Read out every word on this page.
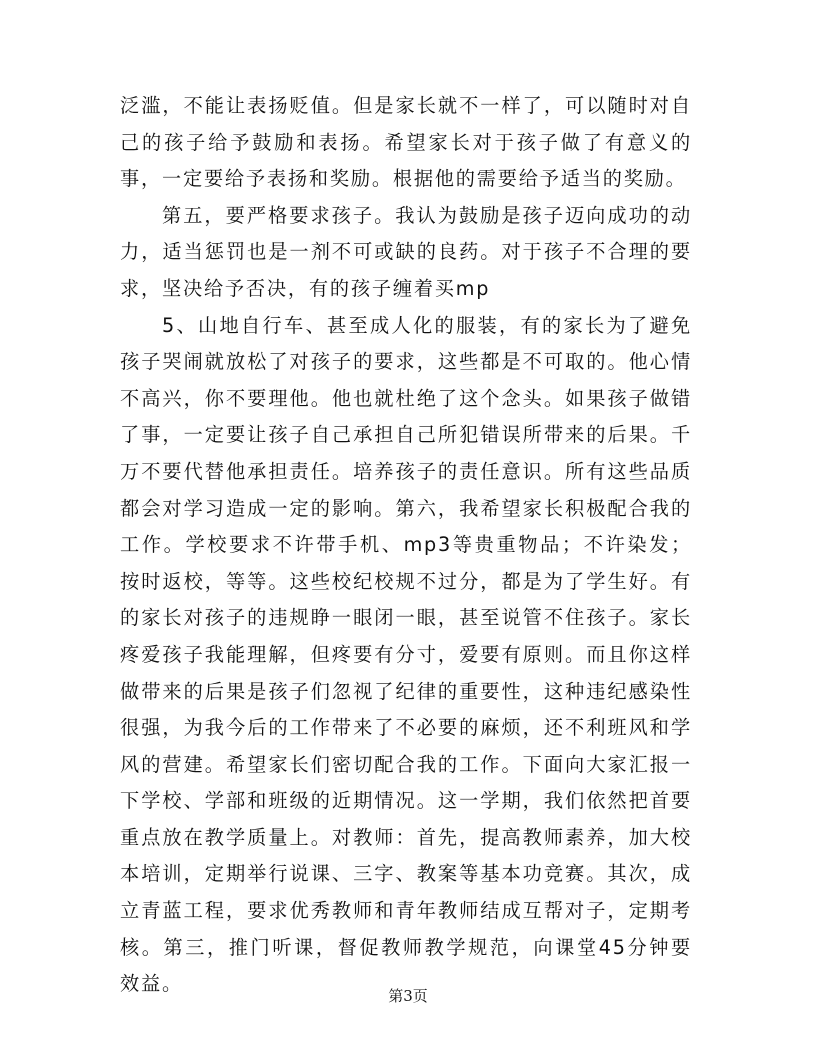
泛滥，不能让表扬贬值。但是家长就不一样了，可以随时对自己的孩子给予鼓励和表扬。希望家长对于孩子做了有意义的事，一定要给予表扬和奖励。根据他的需要给予适当的奖励。

第五，要严格要求孩子。我认为鼓励是孩子迈向成功的动力，适当惩罚也是一剂不可或缺的良药。对于孩子不合理的要求，坚决给予否决，有的孩子缠着买mp

5、山地自行车、甚至成人化的服装，有的家长为了避免孩子哭闹就放松了对孩子的要求，这些都是不可取的。他心情不高兴，你不要理他。他也就杜绝了这个念头。如果孩子做错了事，一定要让孩子自己承担自己所犯错误所带来的后果。千万不要代替他承担责任。培养孩子的责任意识。所有这些品质都会对学习造成一定的影响。第六，我希望家长积极配合我的工作。学校要求不许带手机、mp3等贵重物品；不许染发；按时返校，等等。这些校纪校规不过分，都是为了学生好。有的家长对孩子的违规睁一眼闭一眼，甚至说管不住孩子。家长疼爱孩子我能理解，但疼要有分寸，爱要有原则。而且你这样做带来的后果是孩子们忽视了纪律的重要性，这种违纪感染性很强，为我今后的工作带来了不必要的麻烦，还不利班风和学风的营建。希望家长们密切配合我的工作。下面向大家汇报一下学校、学部和班级的近期情况。这一学期，我们依然把首要重点放在教学质量上。对教师：首先，提高教师素养，加大校本培训，定期举行说课、三字、教案等基本功竞赛。其次，成立青蓝工程，要求优秀教师和青年教师结成互帮对子，定期考核。第三，推门听课，督促教师教学规范，向课堂45分钟要效益。

第3页
